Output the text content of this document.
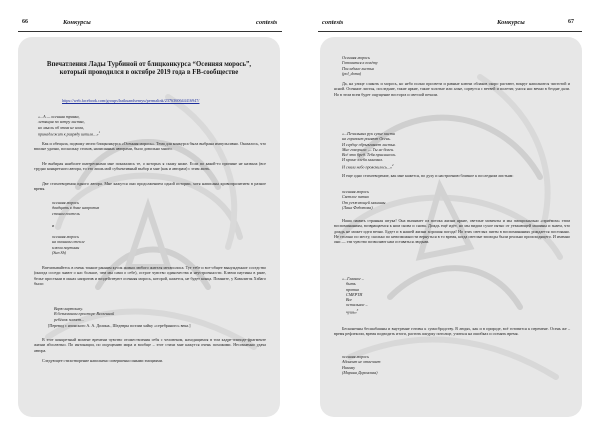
66	Конкурсы	contests	contests	Конкурсы	67
Впечатления Лады Турбиной от блицконкурса “Осенняя морось”,
который проводился в октябре 2019 года в FB-сообществе
https://web.facebook.com/groups/haikuandsenryu/permalink/2376360644416947/
«...А — осенняя травка,
летящая по ветру листва,
но мысль об этом не нова,
принадлежит к разряду штиля…»$^1$

Как и обещала, подвожу итоги блицконкурса «Осенняя морось». Тема для конкурса была выбрана импульсивно. Оказалось, что вполне удачно, поскольку стихов, написанных авторами, было довольно много.

Не выбирая наиболее интересными мне показались те, о которых я скажу ниже. Если по какой-то причине не назвала (все трудно конкретного автора, то это лишь мой субъективный выбор и мне (как и авторам) с этим жить.

Две стихотворения одного автора. Мне кажутся они продолжением одной истории, хотя написаны кровопролитием в разное время.

осенняя морось
двадцать в доме напротив
стояли постель
и
осенняя морось
на оконном стекле
ключи паутины
(Sun Sh)

Впечатывайтесь в очень тонкие ранним кусок жизни любого жителя мегаполиса. Тут тебе и все-общее вынужденное соседство (иногда соседи знают о нас больше, чем мы сами о себе), острое чувство одиночества и неустроенности. Ключи паутины в раме, белье простыни в окнах напротив и воздействуют осенняя морось, которой, кажется, не будет конца. Помните, у Кавалитэк Хэйаго было:

Варю картошку.
В безмолвном просторе Вселенной
ребёнок плачет...
[Перевод с японского А. А. Долина., Шедевры поэзии хайку «серебряного» века.]

В этот конкретный момент времени чувство отожествления себя с человеком, находящимся в том кадре-эпизоде-фрагменте жизни абсолютно. По интонации, по ощущению мира и вообще – этот стихи мне кажутся очень похожими. Несомненно удача автора.

Следующее стихотворение наполнено совершенно иными эмоциями.

Осенняя морось
Готовятся к полёту
Последние листья
(pol_doma)

Да, на улице слякоть и морось, но небо полно просвети и равные ключи облаков скоро растают, вокруг наполнится чистотой и ясной. Осенние листья, последние, такие яркие, такие золотые или алые, сорвутся с ветвей и полетят, унося нас вечно в бездне дали. Но в этом всем будет ощущение восторга и светлой печали.

«...Печальных рук сухие кисти
на горизонт роняют Осень.
И сердце обрызгивает листья.
Мне говорили: — Ты не болен.
Всё это бред. Тебя приснилось.
И кроме хлеба миновал.
И сняли небо прояснилось...»$^2$

И еще одно стихотворение, как мне кажется, по духу и настроению близкое к последним листьям:

осенняя морось
Светлое пятно
От уезжающей машины
(Лана Федотова)

Наша память странная штука! Она вызывает из потока жизни яркие, светлые моменты и мы эмоционально «приёмом» этим воспоминаниям, возвращаемся к ним снова и снова. Дождь ещё идёт, но мы видим сухое пятно от уезжающей машины и знаем, что дождь не может идти вечно. Будет и в нашей жизни хорошая погода! Но этих светлых пятен в воспоминаниях рождается постоянно. Не столько по месту, сколько по невозможности вернуться в то время, когда светлые эпизоды были реально происходящего. И именно они — эти чувство позволяют нам оставаться людьми.

«...Главное –
быть
против
СМЕРТИ
Все
остальное –
чушь»$^3$

Бесконечны бесшабашны и внутренне готовы к сумасбродству. В людях, как и в природе, всё готовится к перемене. Осень же – время рефлексии, время подводить итоги, растить шкурку потолще, учиться на ошибках и осенять время.

осенняя морось
Абонент не отвечает
Никому
(Марина Даренская)
